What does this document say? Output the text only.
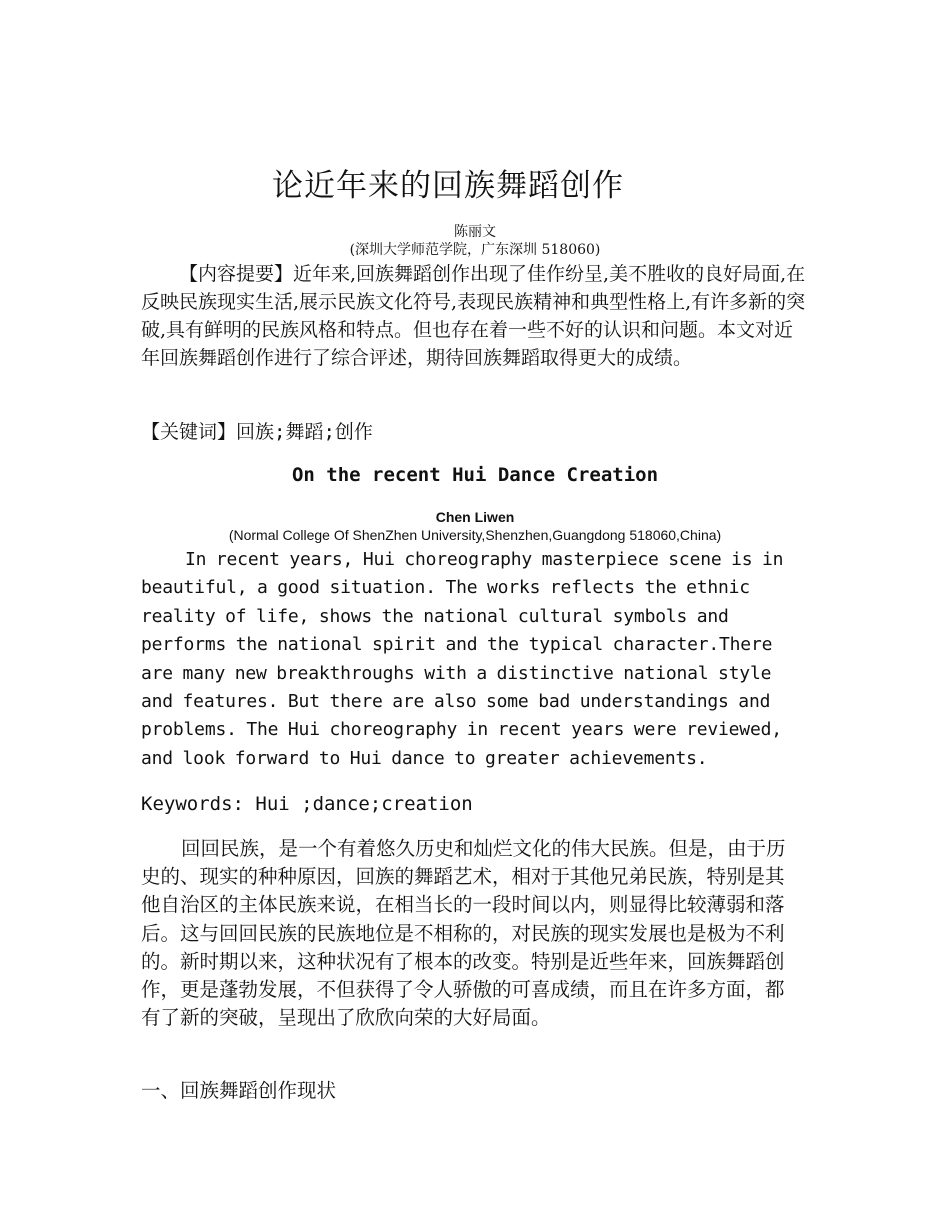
论近年来的回族舞蹈创作
陈丽文
(深圳大学师范学院，广东深圳 518060)
【内容提要】近年来,回族舞蹈创作出现了佳作纷呈,美不胜收的良好局面,在反映民族现实生活,展示民族文化符号,表现民族精神和典型性格上,有许多新的突破,具有鲜明的民族风格和特点。但也存在着一些不好的认识和问题。本文对近年回族舞蹈创作进行了综合评述，期待回族舞蹈取得更大的成绩。
【关键词】回族;舞蹈;创作
On the recent Hui Dance Creation
Chen Liwen
(Normal College Of ShenZhen University,Shenzhen,Guangdong 518060,China)
In recent years, Hui choreography masterpiece scene is in beautiful, a good situation. The works reflects the ethnic reality of life, shows the national cultural symbols and performs the national spirit and the typical character.There are many new breakthroughs with a distinctive national style and features. But there are also some bad understandings and problems. The Hui choreography in recent years were reviewed, and look forward to Hui dance to greater achievements.
Keywords: Hui ;dance;creation
回回民族，是一个有着悠久历史和灿烂文化的伟大民族。但是，由于历史的、现实的种种原因，回族的舞蹈艺术，相对于其他兄弟民族，特别是其他自治区的主体民族来说，在相当长的一段时间以内，则显得比较薄弱和落后。这与回回民族的民族地位是不相称的，对民族的现实发展也是极为不利的。新时期以来，这种状况有了根本的改变。特别是近些年来，回族舞蹈创作，更是蓬勃发展，不但获得了令人骄傲的可喜成绩，而且在许多方面，都有了新的突破，呈现出了欣欣向荣的大好局面。
一、回族舞蹈创作现状
